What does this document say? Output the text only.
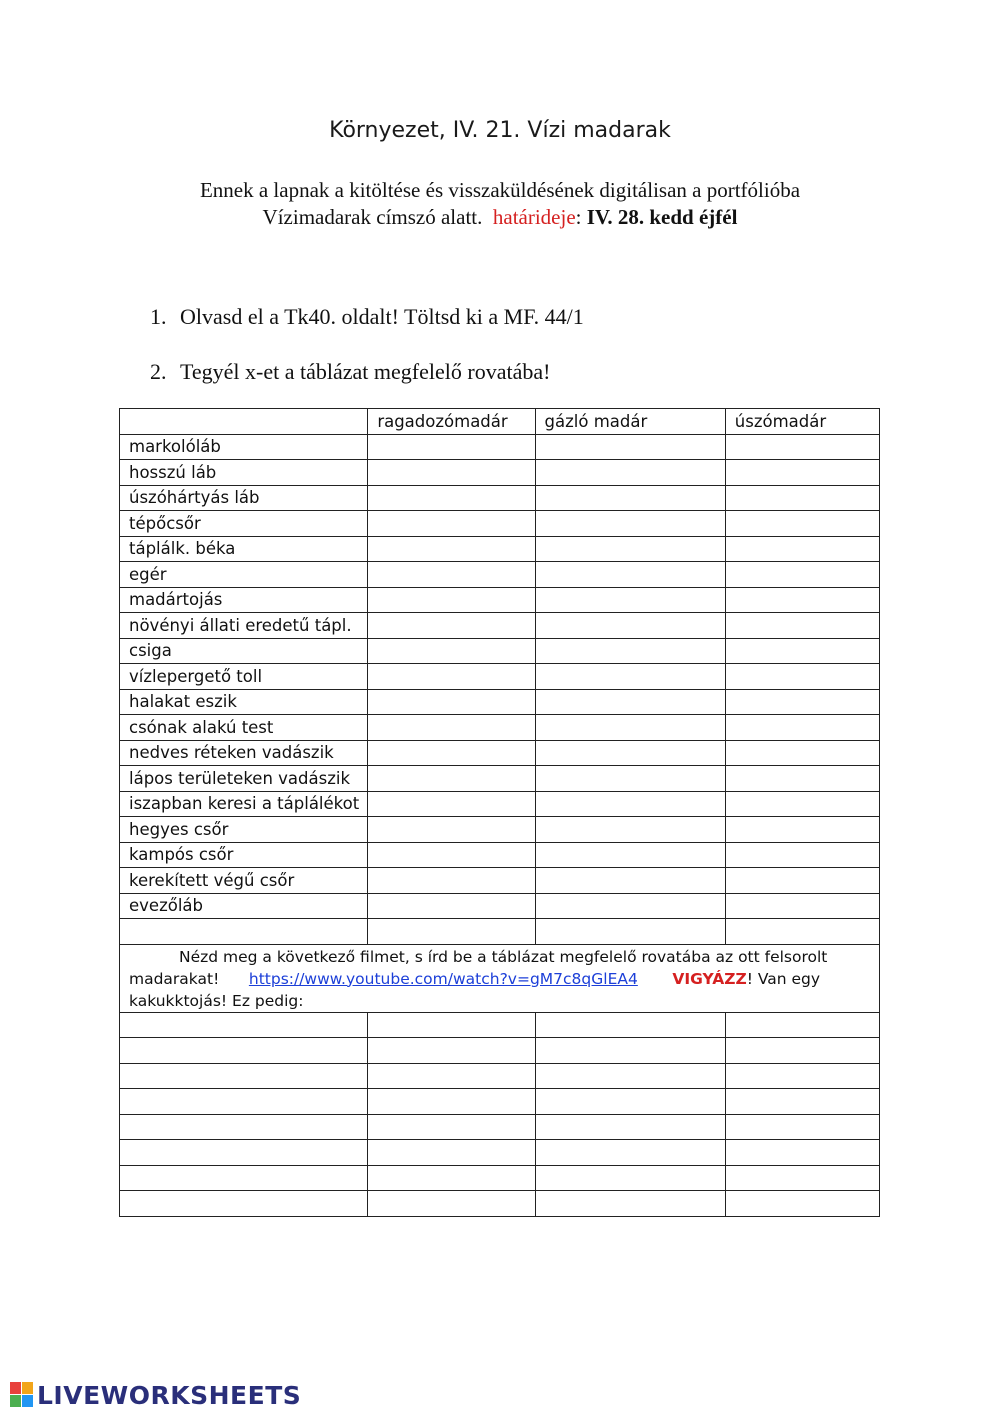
Környezet, IV. 21. Vízi madarak
Ennek a lapnak a kitöltése és visszaküldésének digitálisan a portfólióba
Vízimadarak címszó alatt. határideje: IV. 28. kedd éjfél
1. Olvasd el a Tk40. oldalt! Töltsd ki a MF. 44/1
2. Tegyél x-et a táblázat megfelelő rovatába!
	ragadozómadár	gázló madár	úszómadár
markolóláb			
hosszú láb			
úszóhártyás láb			
tépőcsőr			
táplálk. béka			
egér			
madártojás			
növényi állati eredetű tápl.			
csiga			
vízlepergető toll			
halakat eszik			
csónak alakú test			
nedves réteken vadászik			
lápos területeken vadászik			
iszapban keresi a táplálékot			
hegyes csőr			
kampós csőr			
kerekített végű csőr			
evezőláb			

Nézd meg a következő filmet, s írd be a táblázat megfelelő rovatába az ott felsorolt madarakat! https://www.youtube.com/watch?v=gM7c8qGlEA4 VIGYÁZZ! Van egy kakukktojás! Ez pedig:			

LIVEWORKSHEETS
